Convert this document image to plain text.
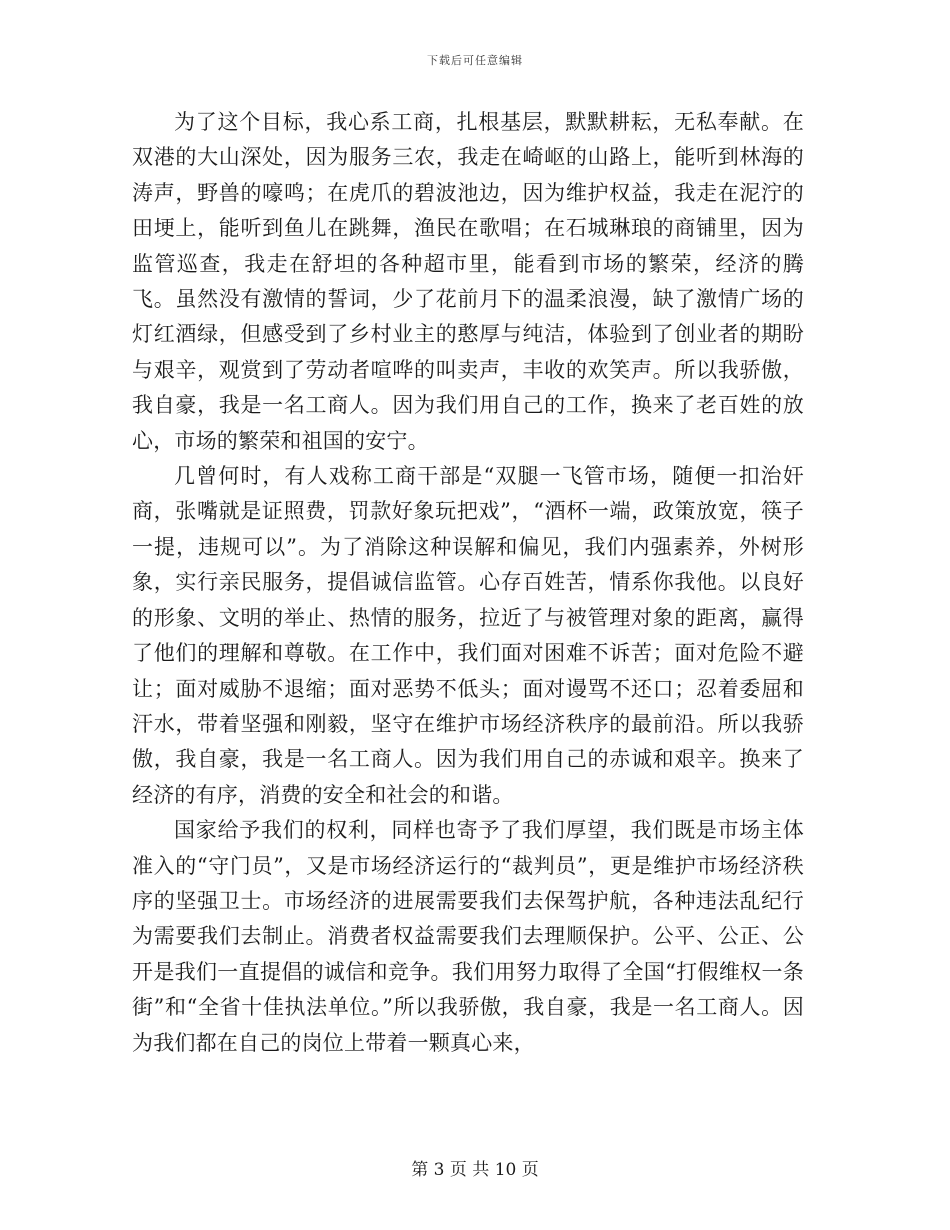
下载后可任意编辑

为了这个目标，我心系工商，扎根基层，默默耕耘，无私奉献。在双港的大山深处，因为服务三农，我走在崎岖的山路上，能听到林海的涛声，野兽的嚎鸣；在虎爪的碧波池边，因为维护权益，我走在泥泞的田埂上，能听到鱼儿在跳舞，渔民在歌唱；在石城琳琅的商铺里，因为监管巡查，我走在舒坦的各种超市里，能看到市场的繁荣，经济的腾飞。虽然没有激情的誓词，少了花前月下的温柔浪漫，缺了激情广场的灯红酒绿，但感受到了乡村业主的憨厚与纯洁，体验到了创业者的期盼与艰辛，观赏到了劳动者喧哗的叫卖声，丰收的欢笑声。所以我骄傲，我自豪，我是一名工商人。因为我们用自己的工作，换来了老百姓的放心，市场的繁荣和祖国的安宁。

几曾何时，有人戏称工商干部是“双腿一飞管市场，随便一扣治奸商，张嘴就是证照费，罚款好象玩把戏”，“酒杯一端，政策放宽，筷子一提，违规可以”。为了消除这种误解和偏见，我们内强素养，外树形象，实行亲民服务，提倡诚信监管。心存百姓苦，情系你我他。以良好的形象、文明的举止、热情的服务，拉近了与被管理对象的距离，赢得了他们的理解和尊敬。在工作中，我们面对困难不诉苦；面对危险不避让；面对威胁不退缩；面对恶势不低头；面对谩骂不还口；忍着委屈和汗水，带着坚强和刚毅，坚守在维护市场经济秩序的最前沿。所以我骄傲，我自豪，我是一名工商人。因为我们用自己的赤诚和艰辛。换来了经济的有序，消费的安全和社会的和谐。

国家给予我们的权利，同样也寄予了我们厚望，我们既是市场主体准入的“守门员”，又是市场经济运行的“裁判员”，更是维护市场经济秩序的坚强卫士。市场经济的进展需要我们去保驾护航，各种违法乱纪行为需要我们去制止。消费者权益需要我们去理顺保护。公平、公正、公开是我们一直提倡的诚信和竞争。我们用努力取得了全国“打假维权一条街”和“全省十佳执法单位。”所以我骄傲，我自豪，我是一名工商人。因为我们都在自己的岗位上带着一颗真心来，

第 3 页 共 10 页
